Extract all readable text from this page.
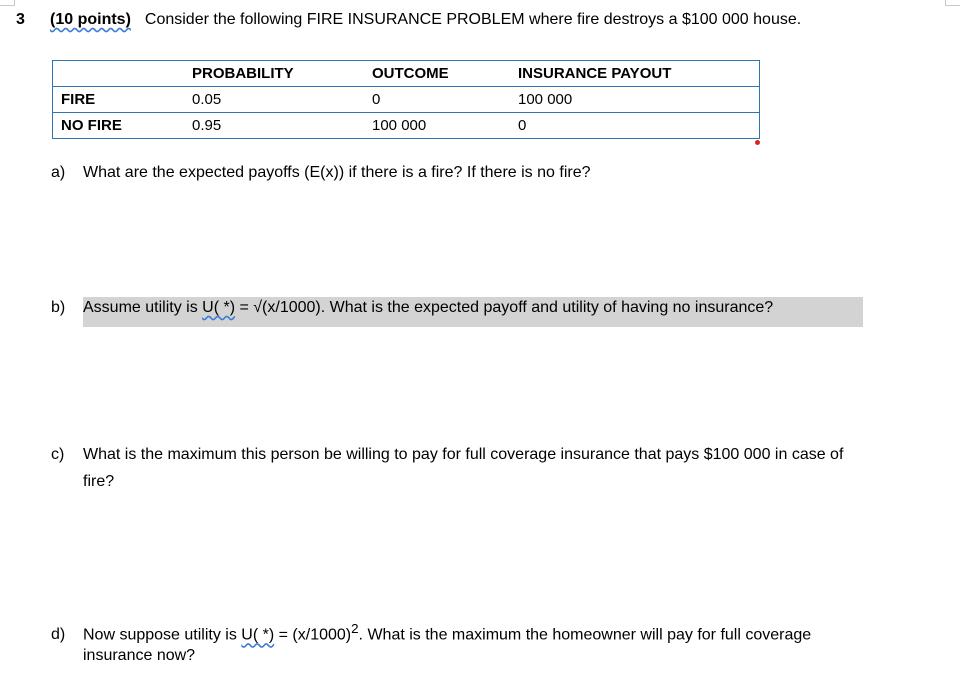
3 (10 points) Consider the following FIRE INSURANCE PROBLEM where fire destroys a $100 000 house.
	PROBABILITY	OUTCOME	INSURANCE PAYOUT
FIRE	0.05	0	100 000
NO FIRE	0.95	100 000	0
a) What are the expected payoffs (E(x)) if there is a fire? If there is no fire?
b) Assume utility is U( *) = √(x/1000). What is the expected payoff and utility of having no insurance?
c) What is the maximum this person be willing to pay for full coverage insurance that pays $100 000 in case of
fire?
d) Now suppose utility is U( *) = $(x/1000)^2$. What is the maximum the homeowner will pay for full coverage
insurance now?
